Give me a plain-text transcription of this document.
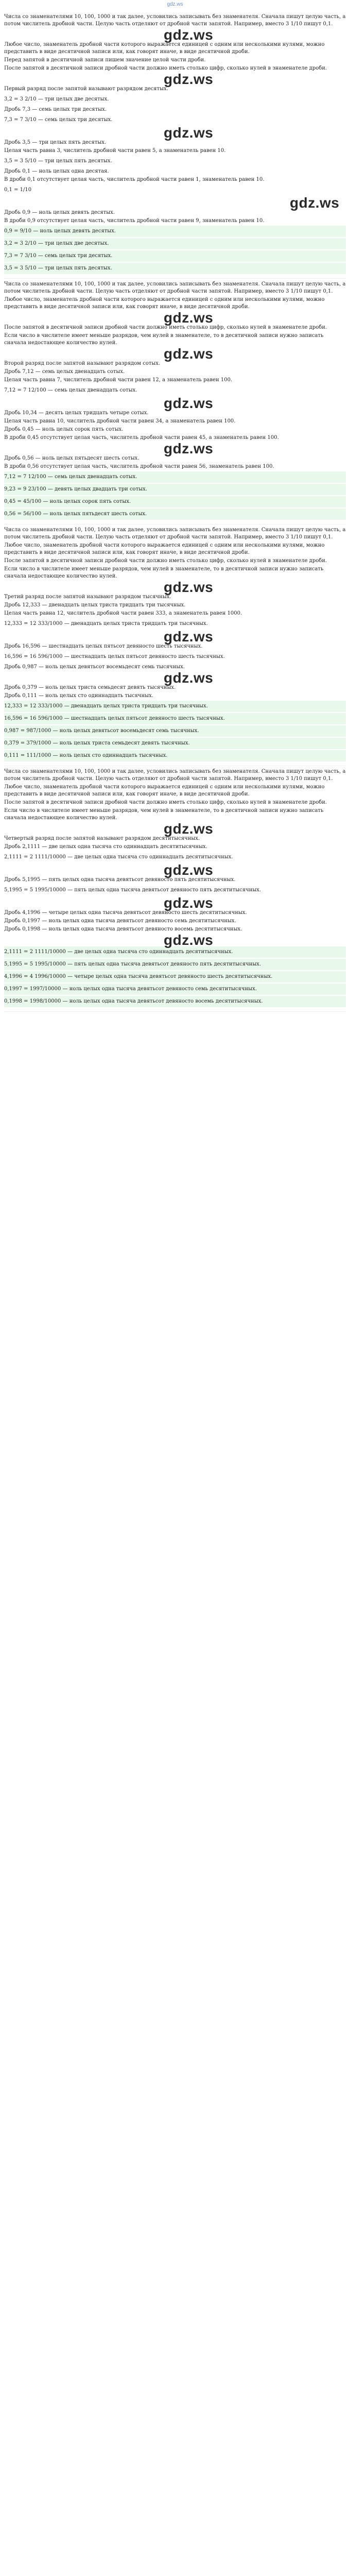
gdz.ws
Числа со знаменателями 10, 100, 1000 и так далее, условились записывать без знаменателя. Сначала пишут целую часть, а потом числитель дробной части. Целую часть отделяют от дробной части запятой. Например, вместо 3 1/10 пишут 0,1.
gdz.ws
Любое число, знаменатель дробной части которого выражается единицей с одним или несколькими нулями, можно представить в виде десятичной записи или, как говорят иначе, в виде десятичной дроби.
Перед запятой в десятичной записи пишем значение целой части дроби.
После запятой в десятичной записи дробной части должно иметь столько цифр, сколько нулей в знаменателе дроби.
gdz.ws
Первый разряд после запятой называют разрядом десятых.
3,2 = 3 2/10 — три целых две десятых.
Дробь 7,3 — семь целых три десятых.
7,3 = 7 3/10 — семь целых три десятых.
gdz.ws
Дробь 3,5 — три целых пять десятых.
Целая часть равна 3, числитель дробной части равен 5, а знаменатель равен 10.
3,5 = 3 5/10 — три целых пять десятых.
Дробь 0,1 — ноль целых одна десятая.
В дроби 0,1 отсутствует целая часть, числитель дробной части равен 1, знаменатель равен 10.
0,1 = 1/10
gdz.ws
Дробь 0,9 — ноль целых девять десятых.
В дроби 0,9 отсутствует целая часть, числитель дробной части равен 9, знаменатель равен 10.
0,9 = 9/10 — ноль целых девять десятых.
3,2 = 3 2/10 — три целых две десятых.
7,3 = 7 3/10 — семь целых три десятых.
3,5 = 3 5/10 — три целых пять десятых.
Числа со знаменателями 10, 100, 1000 и так далее, условились записывать без знаменателя. Сначала пишут целую часть, а потом числитель дробной части. Целую часть отделяют от дробной части запятой. Например, вместо 3 1/10 пишут 0,1.
Любое число, знаменатель дробной части которого выражается единицей с одним или несколькими нулями, можно представить в виде десятичной записи или, как говорят иначе, в виде десятичной дроби.
gdz.ws
После запятой в десятичной записи дробной части должно иметь столько цифр, сколько нулей в знаменателе дроби.
Если число в числителе имеет меньше разрядов, чем нулей в знаменателе, то в десятичной записи нужно записать сначала недостающее количество нулей.
gdz.ws
Второй разряд после запятой называют разрядом сотых.
Дробь 7,12 — семь целых двенадцать сотых.
Целая часть равна 7, числитель дробной части равен 12, а знаменатель равен 100.
7,12 = 7 12/100 — семь целых двенадцать сотых.
gdz.ws
Дробь 10,34 — десять целых тридцать четыре сотых.
Целая часть равна 10, числитель дробной части равен 34, а знаменатель равен 100.
Дробь 0,45 — ноль целых сорок пять сотых.
В дроби 0,45 отсутствует целая часть, числитель дробной части равен 45, а знаменатель равен 100.
gdz.ws
Дробь 0,56 — ноль целых пятьдесят шесть сотых.
В дроби 0,56 отсутствует целая часть, числитель дробной части равен 56, знаменатель равен 100.
7,12 = 7 12/100 — семь целых двенадцать сотых.
9,23 = 9 23/100 — девять целых двадцать три сотых.
0,45 = 45/100 — ноль целых сорок пять сотых.
0,56 = 56/100 — ноль целых пятьдесят шесть сотых.
Числа со знаменателями 10, 100, 1000 и так далее, условились записывать без знаменателя. Сначала пишут целую часть, а потом числитель дробной части. Целую часть отделяют от дробной части запятой. Например, вместо 3 1/10 пишут 0,1.
Любое число, знаменатель дробной части которого выражается единицей с одним или несколькими нулями, можно представить в виде десятичной записи или, как говорят иначе, в виде десятичной дроби.
После запятой в десятичной записи дробной части должно иметь столько цифр, сколько нулей в знаменателе дроби.
Если число в числителе имеет меньше разрядов, чем нулей в знаменателе, то в десятичной записи нужно записать сначала недостающее количество нулей.
gdz.ws
Третий разряд после запятой называют разрядом тысячных.
Дробь 12,333 — двенадцать целых триста тридцать три тысячных.
Целая часть равна 12, числитель дробной части равен 333, а знаменатель равен 1000.
12,333 = 12 333/1000 — двенадцать целых триста тридцать три тысячных.
gdz.ws
Дробь 16,596 — шестнадцать целых пятьсот девяносто шесть тысячных.
16,596 = 16 596/1000 — шестнадцать целых пятьсот девяносто шесть тысячных.
Дробь 0,987 — ноль целых девятьсот восемьдесят семь тысячных.
gdz.ws
Дробь 0,379 — ноль целых триста семьдесят девять тысячных.
Дробь 0,111 — ноль целых сто одиннадцать тысячных.
12,333 = 12 333/1000 — двенадцать целых триста тридцать три тысячных.
16,596 = 16 596/1000 — шестнадцать целых пятьсот девяносто шесть тысячных.
0,987 = 987/1000 — ноль целых девятьсот восемьдесят семь тысячных.
0,379 = 379/1000 — ноль целых триста семьдесят девять тысячных.
0,111 = 111/1000 — ноль целых сто одиннадцать тысячных.
Числа со знаменателями 10, 100, 1000 и так далее, условились записывать без знаменателя. Сначала пишут целую часть, а потом числитель дробной части. Целую часть отделяют от дробной части запятой. Например, вместо 3 1/10 пишут 0,1.
Любое число, знаменатель дробной части которого выражается единицей с одним или несколькими нулями, можно представить в виде десятичной записи или, как говорят иначе, в виде десятичной дроби.
После запятой в десятичной записи дробной части должно иметь столько цифр, сколько нулей в знаменателе дроби.
Если число в числителе имеет меньше разрядов, чем нулей в знаменателе, то в десятичной записи нужно записать сначала недостающее количество нулей.
gdz.ws
Четвертый разряд после запятой называют разрядом десятитысячных.
Дробь 2,1111 — две целых одна тысяча сто одиннадцать десятитысячных.
2,1111 = 2 1111/10000 — две целых одна тысяча сто одиннадцать десятитысячных.
gdz.ws
Дробь 5,1995 — пять целых одна тысяча девятьсот девяносто пять десятитысячных.
5,1995 = 5 1995/10000 — пять целых одна тысяча девятьсот девяносто пять десятитысячных.
gdz.ws
Дробь 4,1996 — четыре целых одна тысяча девятьсот девяносто шесть десятитысячных.
Дробь 0,1997 — ноль целых одна тысяча девятьсот девяносто семь десятитысячных.
Дробь 0,1998 — ноль целых одна тысяча девятьсот девяносто восемь десятитысячных.
gdz.ws
2,1111 = 2 1111/10000 — две целых одна тысяча сто одиннадцать десятитысячных.
5,1995 = 5 1995/10000 — пять целых одна тысяча девятьсот девяносто пять десятитысячных.
4,1996 = 4 1996/10000 — четыре целых одна тысяча девятьсот девяносто шесть десятитысячных.
0,1997 = 1997/10000 — ноль целых одна тысяча девятьсот девяносто семь десятитысячных.
0,1998 = 1998/10000 — ноль целых одна тысяча девятьсот девяносто восемь десятитысячных.
